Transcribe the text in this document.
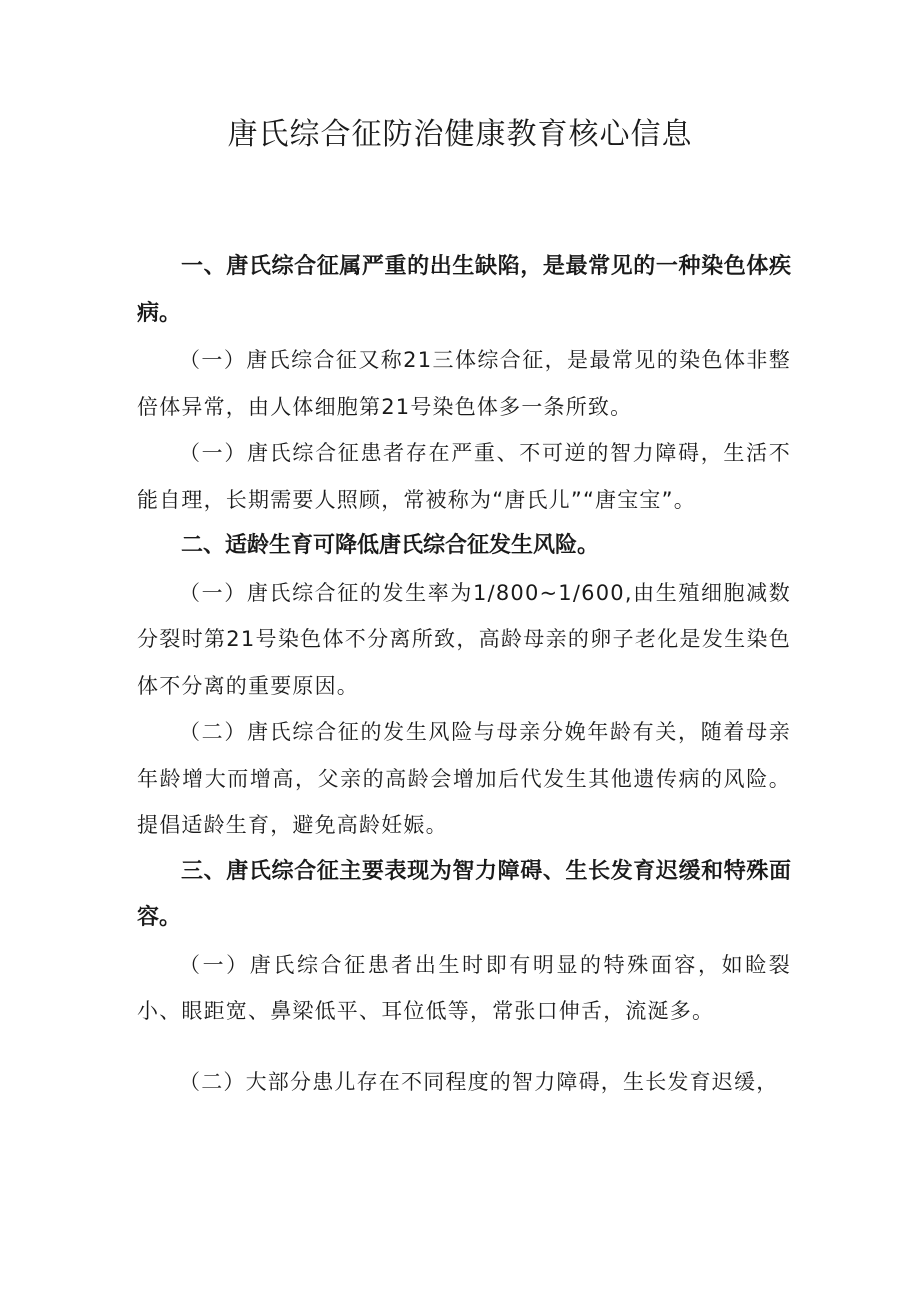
唐氏综合征防治健康教育核心信息

一、唐氏综合征属严重的出生缺陷，是最常见的一种染色体疾病。

（一）唐氏综合征又称21三体综合征，是最常见的染色体非整倍体异常，由人体细胞第21号染色体多一条所致。

（一）唐氏综合征患者存在严重、不可逆的智力障碍，生活不能自理，长期需要人照顾，常被称为“唐氏儿”“唐宝宝”。

二、适龄生育可降低唐氏综合征发生风险。

（一）唐氏综合征的发生率为1∕800~1∕600,由生殖细胞减数分裂时第21号染色体不分离所致，高龄母亲的卵子老化是发生染色体不分离的重要原因。

（二）唐氏综合征的发生风险与母亲分娩年龄有关，随着母亲年龄增大而增高，父亲的高龄会增加后代发生其他遗传病的风险。提倡适龄生育，避免高龄妊娠。

三、唐氏综合征主要表现为智力障碍、生长发育迟缓和特殊面容。

（一）唐氏综合征患者出生时即有明显的特殊面容，如睑裂小、眼距宽、鼻梁低平、耳位低等，常张口伸舌，流涎多。

（二）大部分患儿存在不同程度的智力障碍，生长发育迟缓，
